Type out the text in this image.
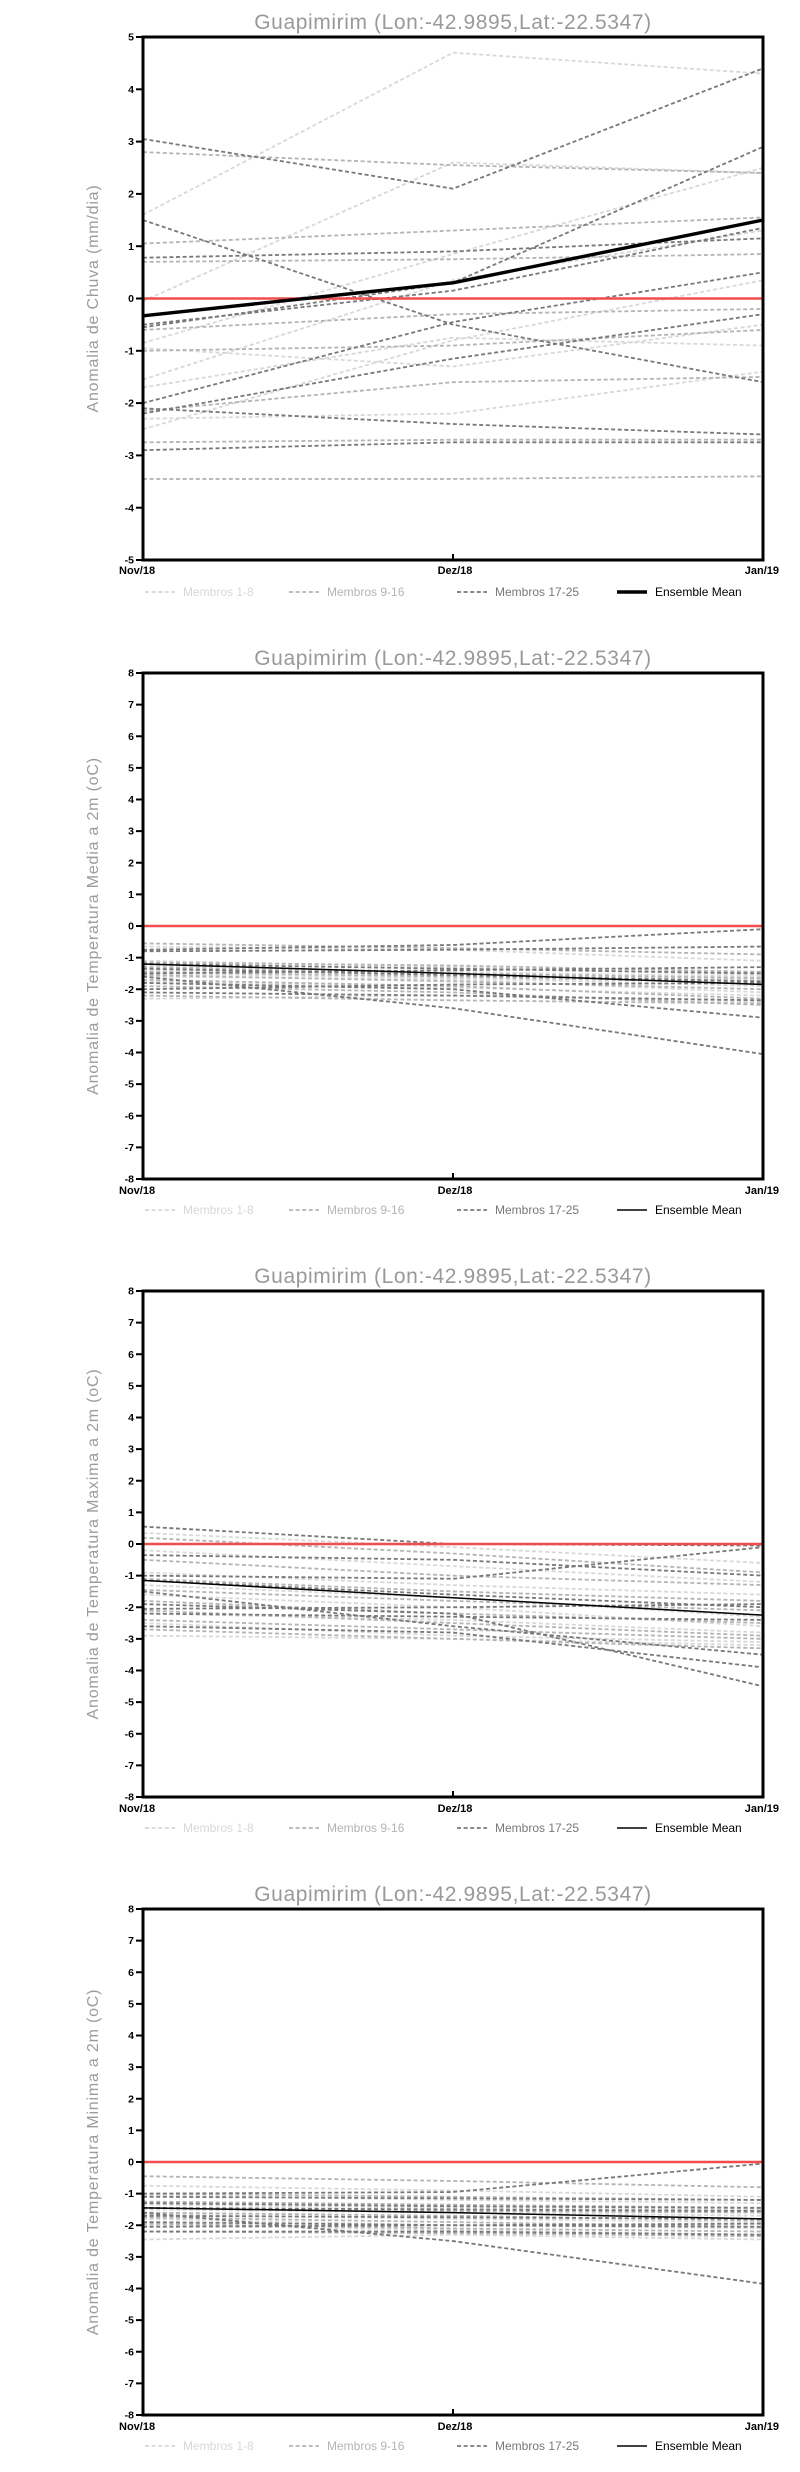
Guapimirim (Lon:-42.9895,Lat:-22.5347)
Anomalia de Chuva (mm/dia)
5
4
3
2
1
0
-1
-2
-3
-4
-5
Nov/18	Dez/18	Jan/19
Membros 1-8	Membros 9-16	Membros 17-25	Ensemble Mean
Guapimirim (Lon:-42.9895,Lat:-22.5347)
Anomalia de Temperatura Media a 2m (oC)
8
7
6
5
4
3
2
1
0
-1
-2
-3
-4
-5
-6
-7
-8
Nov/18	Dez/18	Jan/19
Membros 1-8	Membros 9-16	Membros 17-25	Ensemble Mean
Guapimirim (Lon:-42.9895,Lat:-22.5347)
Anomalia de Temperatura Maxima a 2m (oC)
8
7
6
5
4
3
2
1
0
-1
-2
-3
-4
-5
-6
-7
-8
Nov/18	Dez/18	Jan/19
Membros 1-8	Membros 9-16	Membros 17-25	Ensemble Mean
Guapimirim (Lon:-42.9895,Lat:-22.5347)
Anomalia de Temperatura Minima a 2m (oC)
8
7
6
5
4
3
2
1
0
-1
-2
-3
-4
-5
-6
-7
-8
Nov/18	Dez/18	Jan/19
Membros 1-8	Membros 9-16	Membros 17-25	Ensemble Mean
